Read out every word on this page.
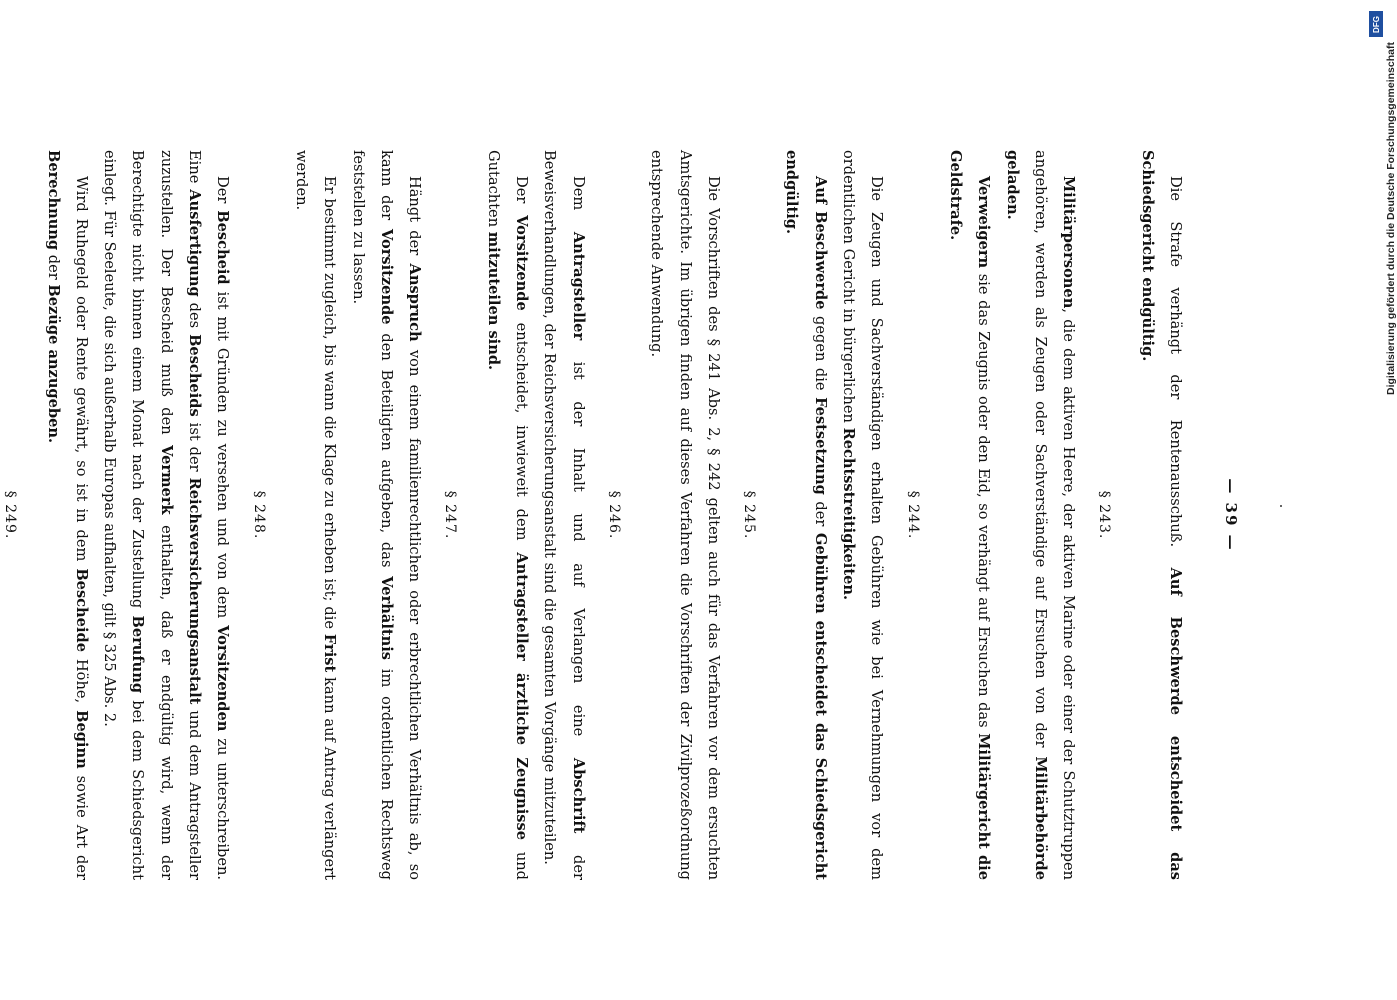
— 39 —

Die Strafe verhängt der Rentenausschuß. Auf Beschwerde entscheidet das Schiedsgericht endgültig.

§ 243.

Militärpersonen, die dem aktiven Heere, der aktiven Marine oder einer der Schutztruppen angehören, werden als Zeugen oder Sachverständige auf Ersuchen von der Militärbehörde geladen.

Verweigern sie das Zeugnis oder den Eid, so verhängt auf Ersuchen das Militärgericht die Geldstrafe.

§ 244.

Die Zeugen und Sachverständigen erhalten Gebühren wie bei Vernehmungen vor dem ordentlichen Gericht in bürgerlichen Rechtsstreitigkeiten.

Auf Beschwerde gegen die Festsetzung der Gebühren entscheidet das Schiedsgericht endgültig.

§ 245.

Die Vorschriften des § 241 Abs. 2, § 242 gelten auch für das Verfahren vor dem ersuchten Amtsgerichte. Im übrigen finden auf dieses Verfahren die Vorschriften der Zivilprozeßordnung entsprechende Anwendung.

§ 246.

Dem Antragsteller ist der Inhalt und auf Verlangen eine Abschrift der Beweisverhandlungen, der Reichsversicherungsanstalt sind die gesamten Vorgänge mitzuteilen.

Der Vorsitzende entscheidet, inwieweit dem Antragsteller ärztliche Zeugnisse und Gutachten mitzuteilen sind.

§ 247.

Hängt der Anspruch von einem familienrechtlichen oder erbrechtlichen Verhältnis ab, so kann der Vorsitzende den Beteiligten aufgeben, das Verhältnis im ordentlichen Rechtsweg feststellen zu lassen.

Er bestimmt zugleich, bis wann die Klage zu erheben ist; die Frist kann auf Antrag verlängert werden.

§ 248.

Der Bescheid ist mit Gründen zu versehen und von dem Vorsitzenden zu unterschreiben. Eine Ausfertigung des Bescheids ist der Reichsversicherungsanstalt und dem Antragsteller zuzustellen. Der Bescheid muß den Vermerk enthalten, daß er endgültig wird, wenn der Berechtigte nicht binnen einem Monat nach der Zustellung Berufung bei dem Schiedsgericht einlegt. Für Seeleute, die sich außerhalb Europas aufhalten, gilt § 325 Abs. 2.

Wird Ruhegeld oder Rente gewährt, so ist in dem Bescheide Höhe, Beginn sowie Art der Berechnung der Bezüge anzugeben.

§ 249.

DFG
Digitalisierung gefördert durch die Deutsche Forschungsgemeinschaft
